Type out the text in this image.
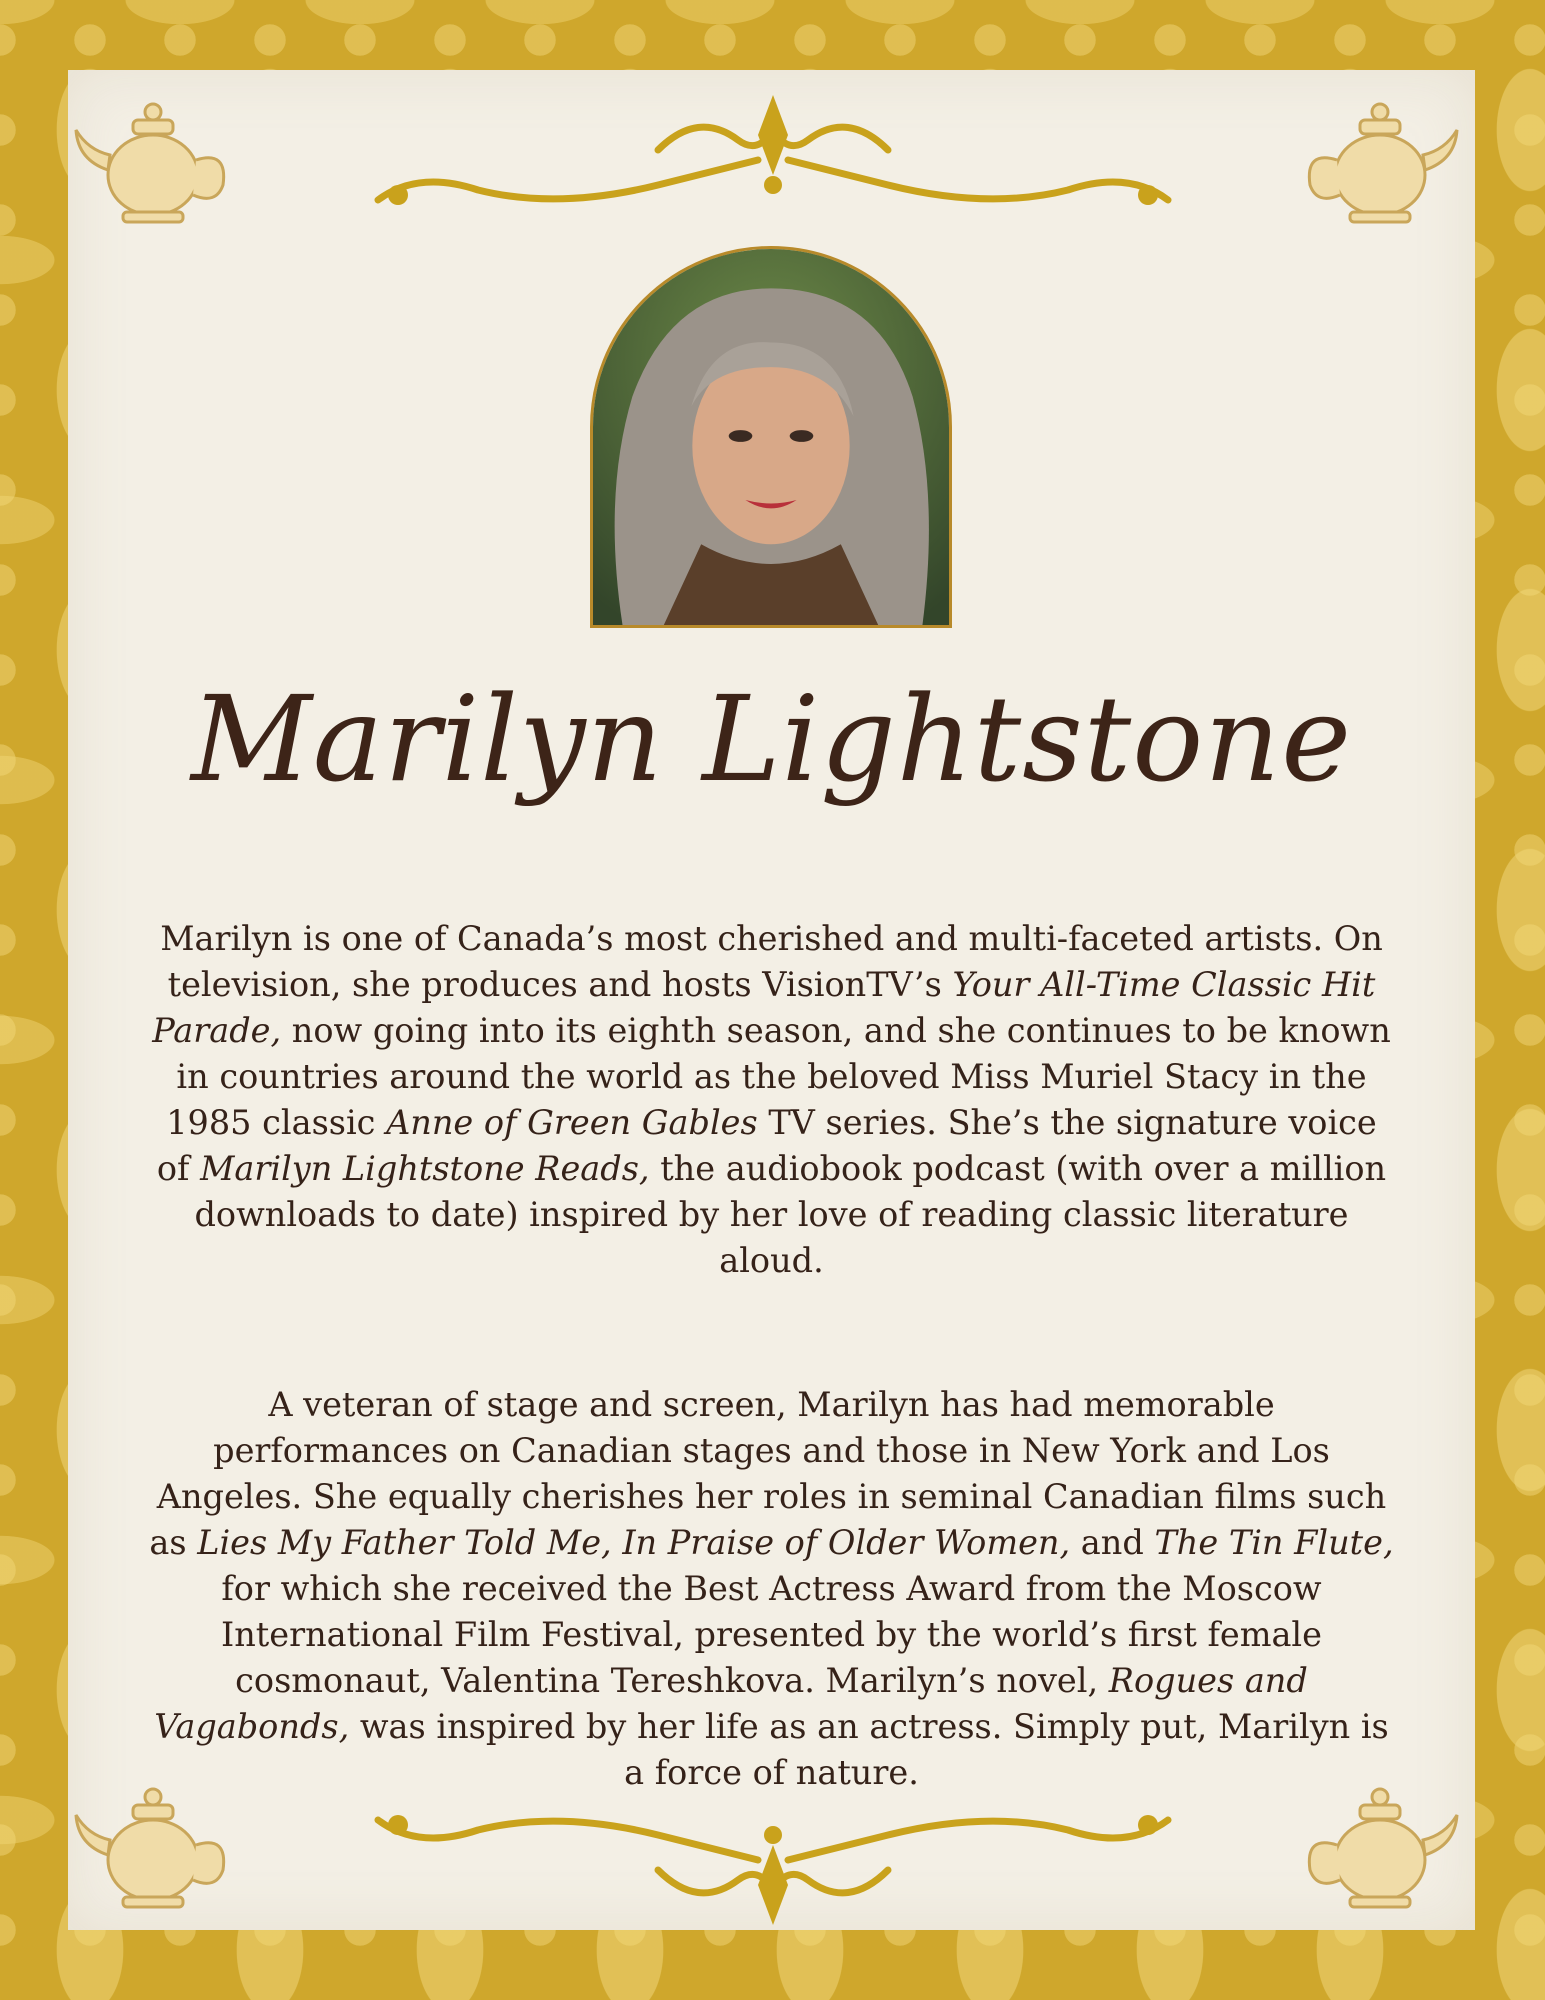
Marilyn Lightstone

Marilyn is one of Canada’s most cherished and multi-faceted artists. On television, she produces and hosts VisionTV’s Your All-Time Classic Hit Parade, now going into its eighth season, and she continues to be known in countries around the world as the beloved Miss Muriel Stacy in the 1985 classic Anne of Green Gables TV series. She’s the signature voice of Marilyn Lightstone Reads, the audiobook podcast (with over a million downloads to date) inspired by her love of reading classic literature aloud.

A veteran of stage and screen, Marilyn has had memorable performances on Canadian stages and those in New York and Los Angeles. She equally cherishes her roles in seminal Canadian films such as Lies My Father Told Me, In Praise of Older Women, and The Tin Flute, for which she received the Best Actress Award from the Moscow International Film Festival, presented by the world’s first female cosmonaut, Valentina Tereshkova. Marilyn’s novel, Rogues and Vagabonds, was inspired by her life as an actress. Simply put, Marilyn is a force of nature.
